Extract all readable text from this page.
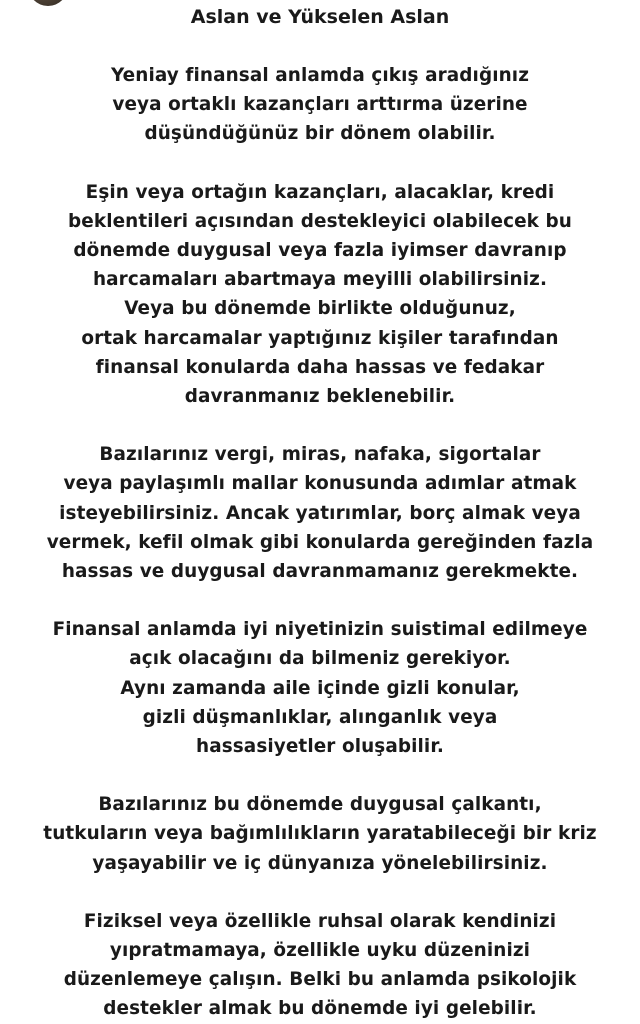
Aslan ve Yükselen Aslan
Yeniay finansal anlamda çıkış aradığınız
veya ortaklı kazançları arttırma üzerine
düşündüğünüz bir dönem olabilir.
Eşin veya ortağın kazançları, alacaklar, kredi
beklentileri açısından destekleyici olabilecek bu
dönemde duygusal veya fazla iyimser davranıp
harcamaları abartmaya meyilli olabilirsiniz.
Veya bu dönemde birlikte olduğunuz,
ortak harcamalar yaptığınız kişiler tarafından
finansal konularda daha hassas ve fedakar
davranmanız beklenebilir.
Bazılarınız vergi, miras, nafaka, sigortalar
veya paylaşımlı mallar konusunda adımlar atmak
isteyebilirsiniz. Ancak yatırımlar, borç almak veya
vermek, kefil olmak gibi konularda gereğinden fazla
hassas ve duygusal davranmamanız gerekmekte.
Finansal anlamda iyi niyetinizin suistimal edilmeye
açık olacağını da bilmeniz gerekiyor.
Aynı zamanda aile içinde gizli konular,
gizli düşmanlıklar, alınganlık veya
hassasiyetler oluşabilir.
Bazılarınız bu dönemde duygusal çalkantı,
tutkuların veya bağımlılıkların yaratabileceği bir kriz
yaşayabilir ve iç dünyanıza yönelebilirsiniz.
Fiziksel veya özellikle ruhsal olarak kendinizi
yıpratmamaya, özellikle uyku düzeninizi
düzenlemeye çalışın. Belki bu anlamda psikolojik
destekler almak bu dönemde iyi gelebilir.
